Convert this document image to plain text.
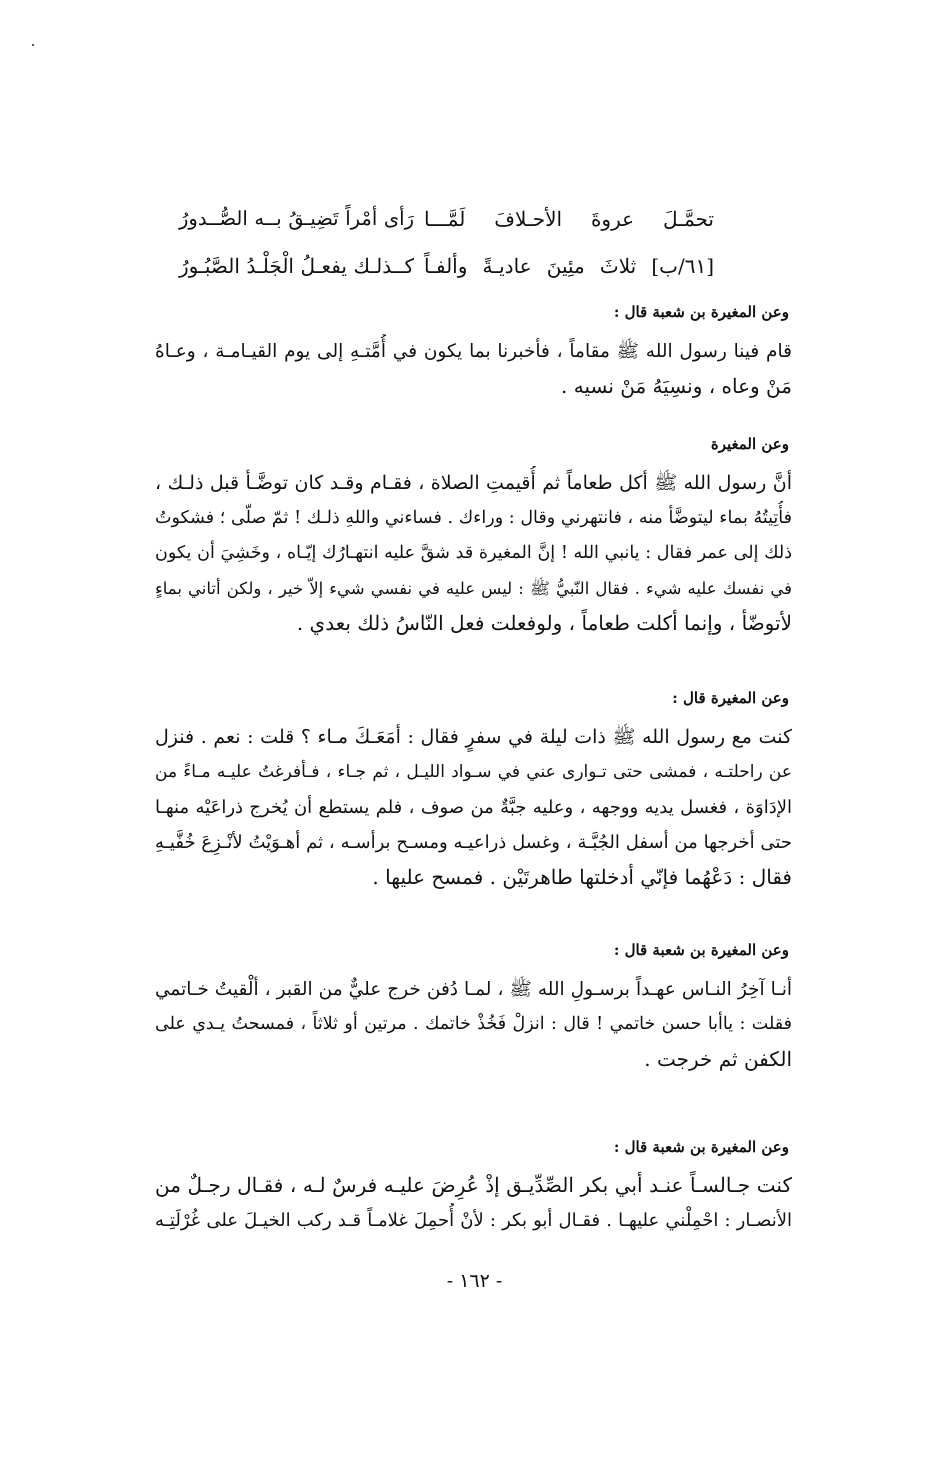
تحمَّـلَ عروةَ الأحـلافَ لَمَّـــا
رَأى أمْراً تَضِيـقُ بــه الصُّــدورُ
[٦١/ب] ثلاثَ مئِينَ عاديـةً وألفـاً
كــذلـك يفعـلُ الْجَلْـدُ الصَّبُـورُ
وعن المغيرة بن شعبة قال :
قام فينا رسول الله ﷺ مقاماً ، فأخبرنا بما يكون في أُمَّتـهِ إلى يوم القيـامـة ، وعـاهُ
مَنْ وعاه ، ونسِيَهُ مَنْ نسيه .
وعن المغيرة
أنَّ رسول الله ﷺ أكل طعاماً ثم أُقيمتِ الصلاة ، فقـام وقـد كان توضَّـأ قبل ذلـك ،
فأُتِيتُهُ بماء ليتوضَّأ منه ، فانتهرني وقال : وراءك . فساءني واللهِ ذلـك ! ثمّ صلّى ؛ فشكوتُ
ذلك إلى عمر فقال : يانبي الله ! إنَّ المغيرة قد شقَّ عليه انتهـارُك إيّـاه ، وخَشِيَ أن يكون
في نفسك عليه شيء . فقال النّبيُّ ﷺ : ليس عليه في نفسي شيء إلاّ خير ، ولكن أتاني بماءٍ
لأتوضّأ ، وإنما أكلت طعاماً ، ولوفعلت فعل النّاسُ ذلك بعدي .
وعن المغيرة قال :
كنت مع رسول الله ﷺ ذات ليلة في سفرٍ فقال : أمَعَـكَ مـاء ؟ قلت : نعم . فنزل
عن راحلتـه ، فمشى حتى تـوارى عني في سـواد الليـل ، ثم جـاء ، فـأفرغتُ عليـه مـاءً من
الإدَاوَة ، فغسل يديه ووجهه ، وعليه جبَّةٌ من صوف ، فلم يستطع أن يُخرج ذراعَيْه منهـا
حتى أخرجها من أسفل الجُبَّـة ، وغسل ذراعيـه ومسـح برأسـه ، ثم أهـوَيْتُ لأنْـزِعَ خُفَّيـهِ
فقال : دَعْهُما فإنّي أدخلتها طاهرتَيْن . فمسح عليها .
وعن المغيرة بن شعبة قال :
أنـا آخِرُ النـاس عهـداً برسـولِ الله ﷺ ، لمـا دُفن خرج عليٌّ من القبر ، ألْقيتُ خـاتمي
فقلت : ياأبا حسن خاتمي ! قال : انزلْ فَخُذْ خاتمك . مرتين أو ثلاثاً ، فمسحتُ يـدي على
الكفن ثم خرجت .
وعن المغيرة بن شعبة قال :
كنت جـالسـاً عنـد أبي بكر الصِّدِّيـق إذْ عُرِضَ عليـه فرسٌ لـه ، فقـال رجـلٌ من
الأنصـار : احْمِلْني عليهـا . فقـال أبو بكر : لأنْ أُحمِلَ غلامـاً قـد ركب الخيـلَ على غُرْلَتِـه
- ١٦٢ -
